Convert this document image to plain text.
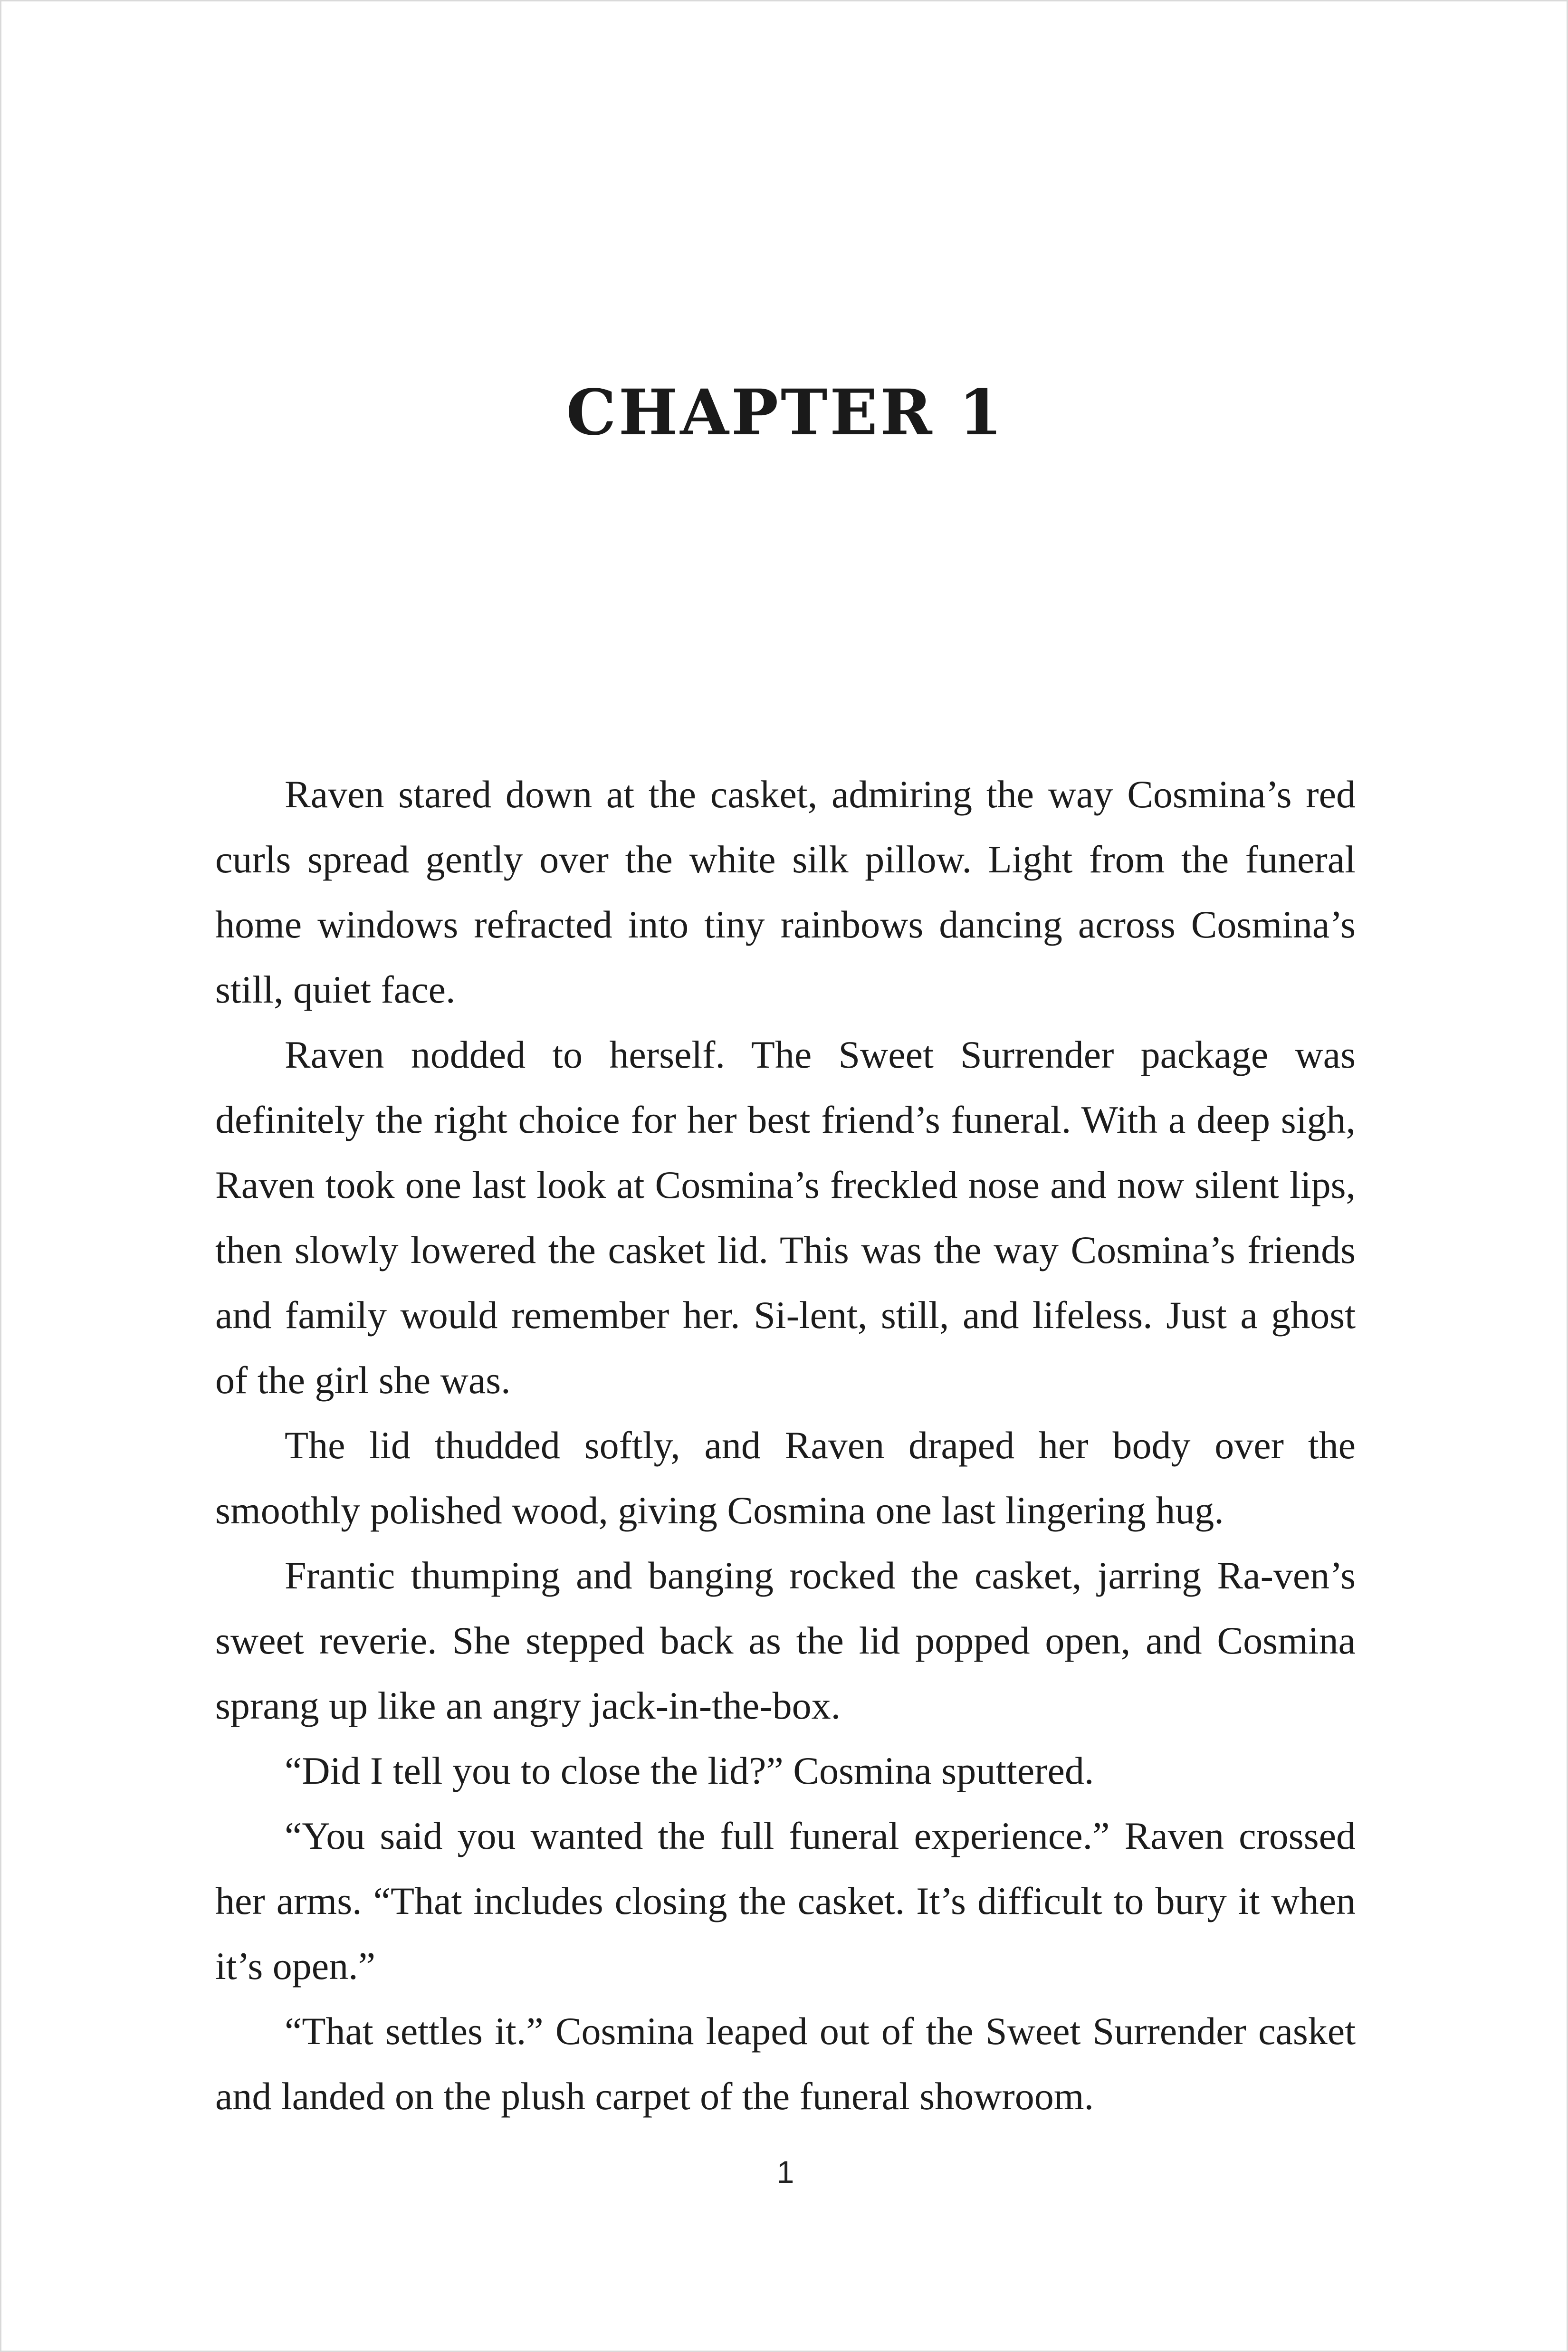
CHAPTER 1

Raven stared down at the casket, admiring the way Cosmina’s red curls spread gently over the white silk pillow. Light from the funeral home windows refracted into tiny rainbows dancing across Cosmina’s still, quiet face.

Raven nodded to herself. The Sweet Surrender package was definitely the right choice for her best friend’s funeral. With a deep sigh, Raven took one last look at Cosmina’s freckled nose and now silent lips, then slowly lowered the casket lid. This was the way Cosmina’s friends and family would remember her. Si-lent, still, and lifeless. Just a ghost of the girl she was.

The lid thudded softly, and Raven draped her body over the smoothly polished wood, giving Cosmina one last lingering hug.

Frantic thumping and banging rocked the casket, jarring Ra-ven’s sweet reverie. She stepped back as the lid popped open, and Cosmina sprang up like an angry jack-in-the-box.

“Did I tell you to close the lid?” Cosmina sputtered.

“You said you wanted the full funeral experience.” Raven crossed her arms. “That includes closing the casket. It’s difficult to bury it when it’s open.”

“That settles it.” Cosmina leaped out of the Sweet Surrender casket and landed on the plush carpet of the funeral showroom.

1
